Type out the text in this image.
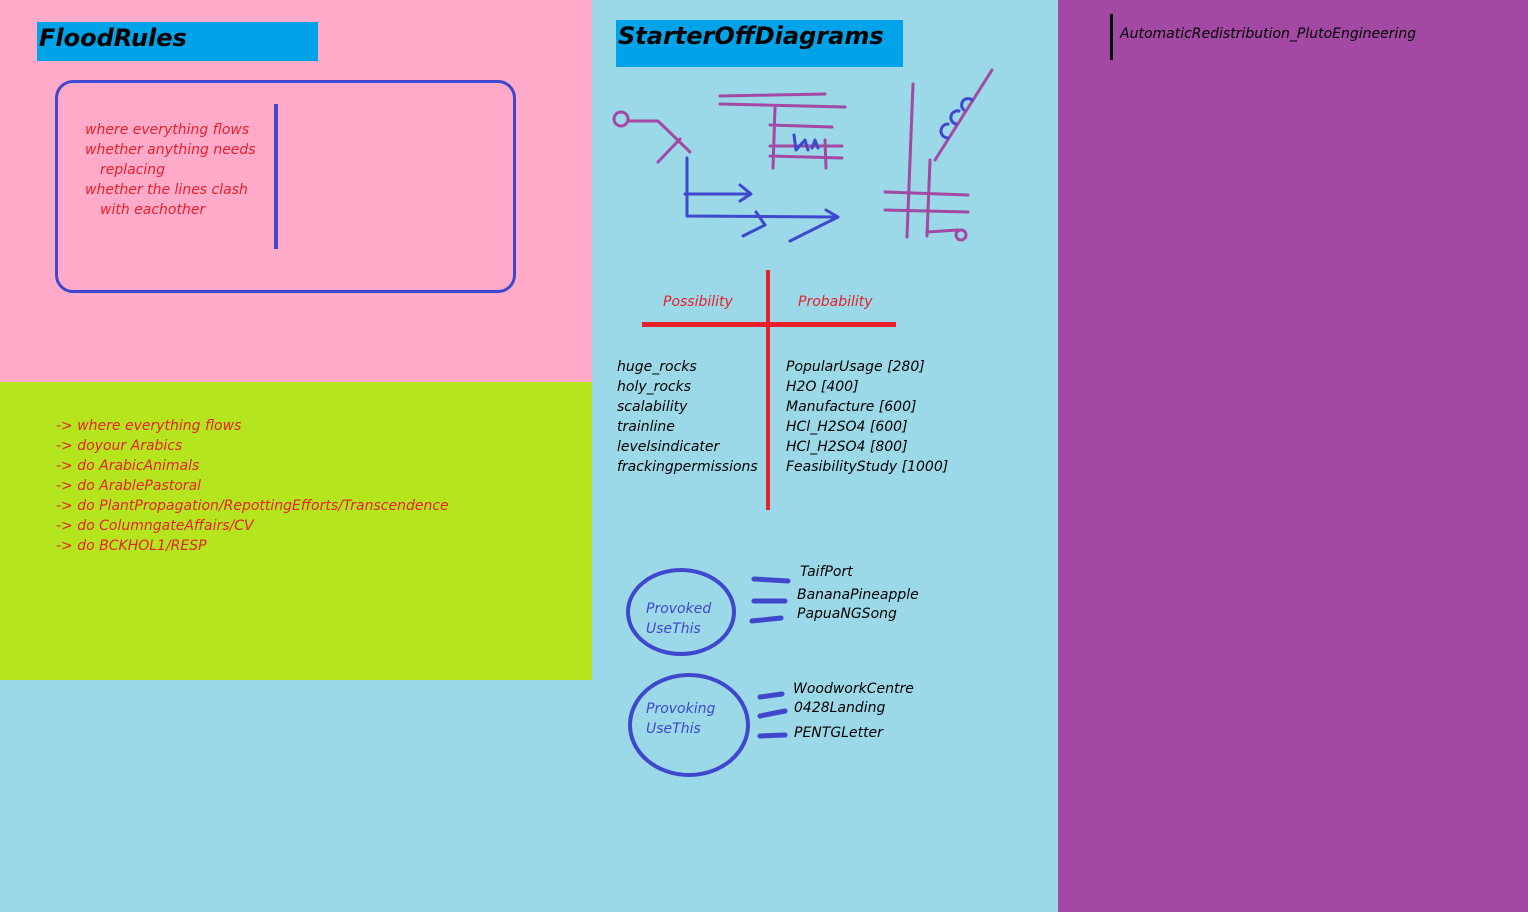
FloodRules
where everything flows
whether anything needs
replacing
whether the lines clash
with eachother
-> where everything flows
-> doyour Arabics
-> do ArabicAnimals
-> do ArablePastoral
-> do PlantPropagation/RepottingEfforts/Transcendence
-> do ColumngateAffairs/CV
-> do BCKHOL1/RESP
StarterOffDiagrams
Possibility	Probability
huge_rocks
holy_rocks
scalability
trainline
levelsindicater
frackingpermissions
PopularUsage [280]
H2O [400]
Manufacture [600]
HCl_H2SO4 [600]
HCl_H2SO4 [800]
FeasibilityStudy [1000]
Provoked
UseThis
TaifPort
BananaPineapple
PapuaNGSong
Provoking
UseThis
WoodworkCentre
0428Landing
PENTGLetter
AutomaticRedistribution_PlutoEngineering
